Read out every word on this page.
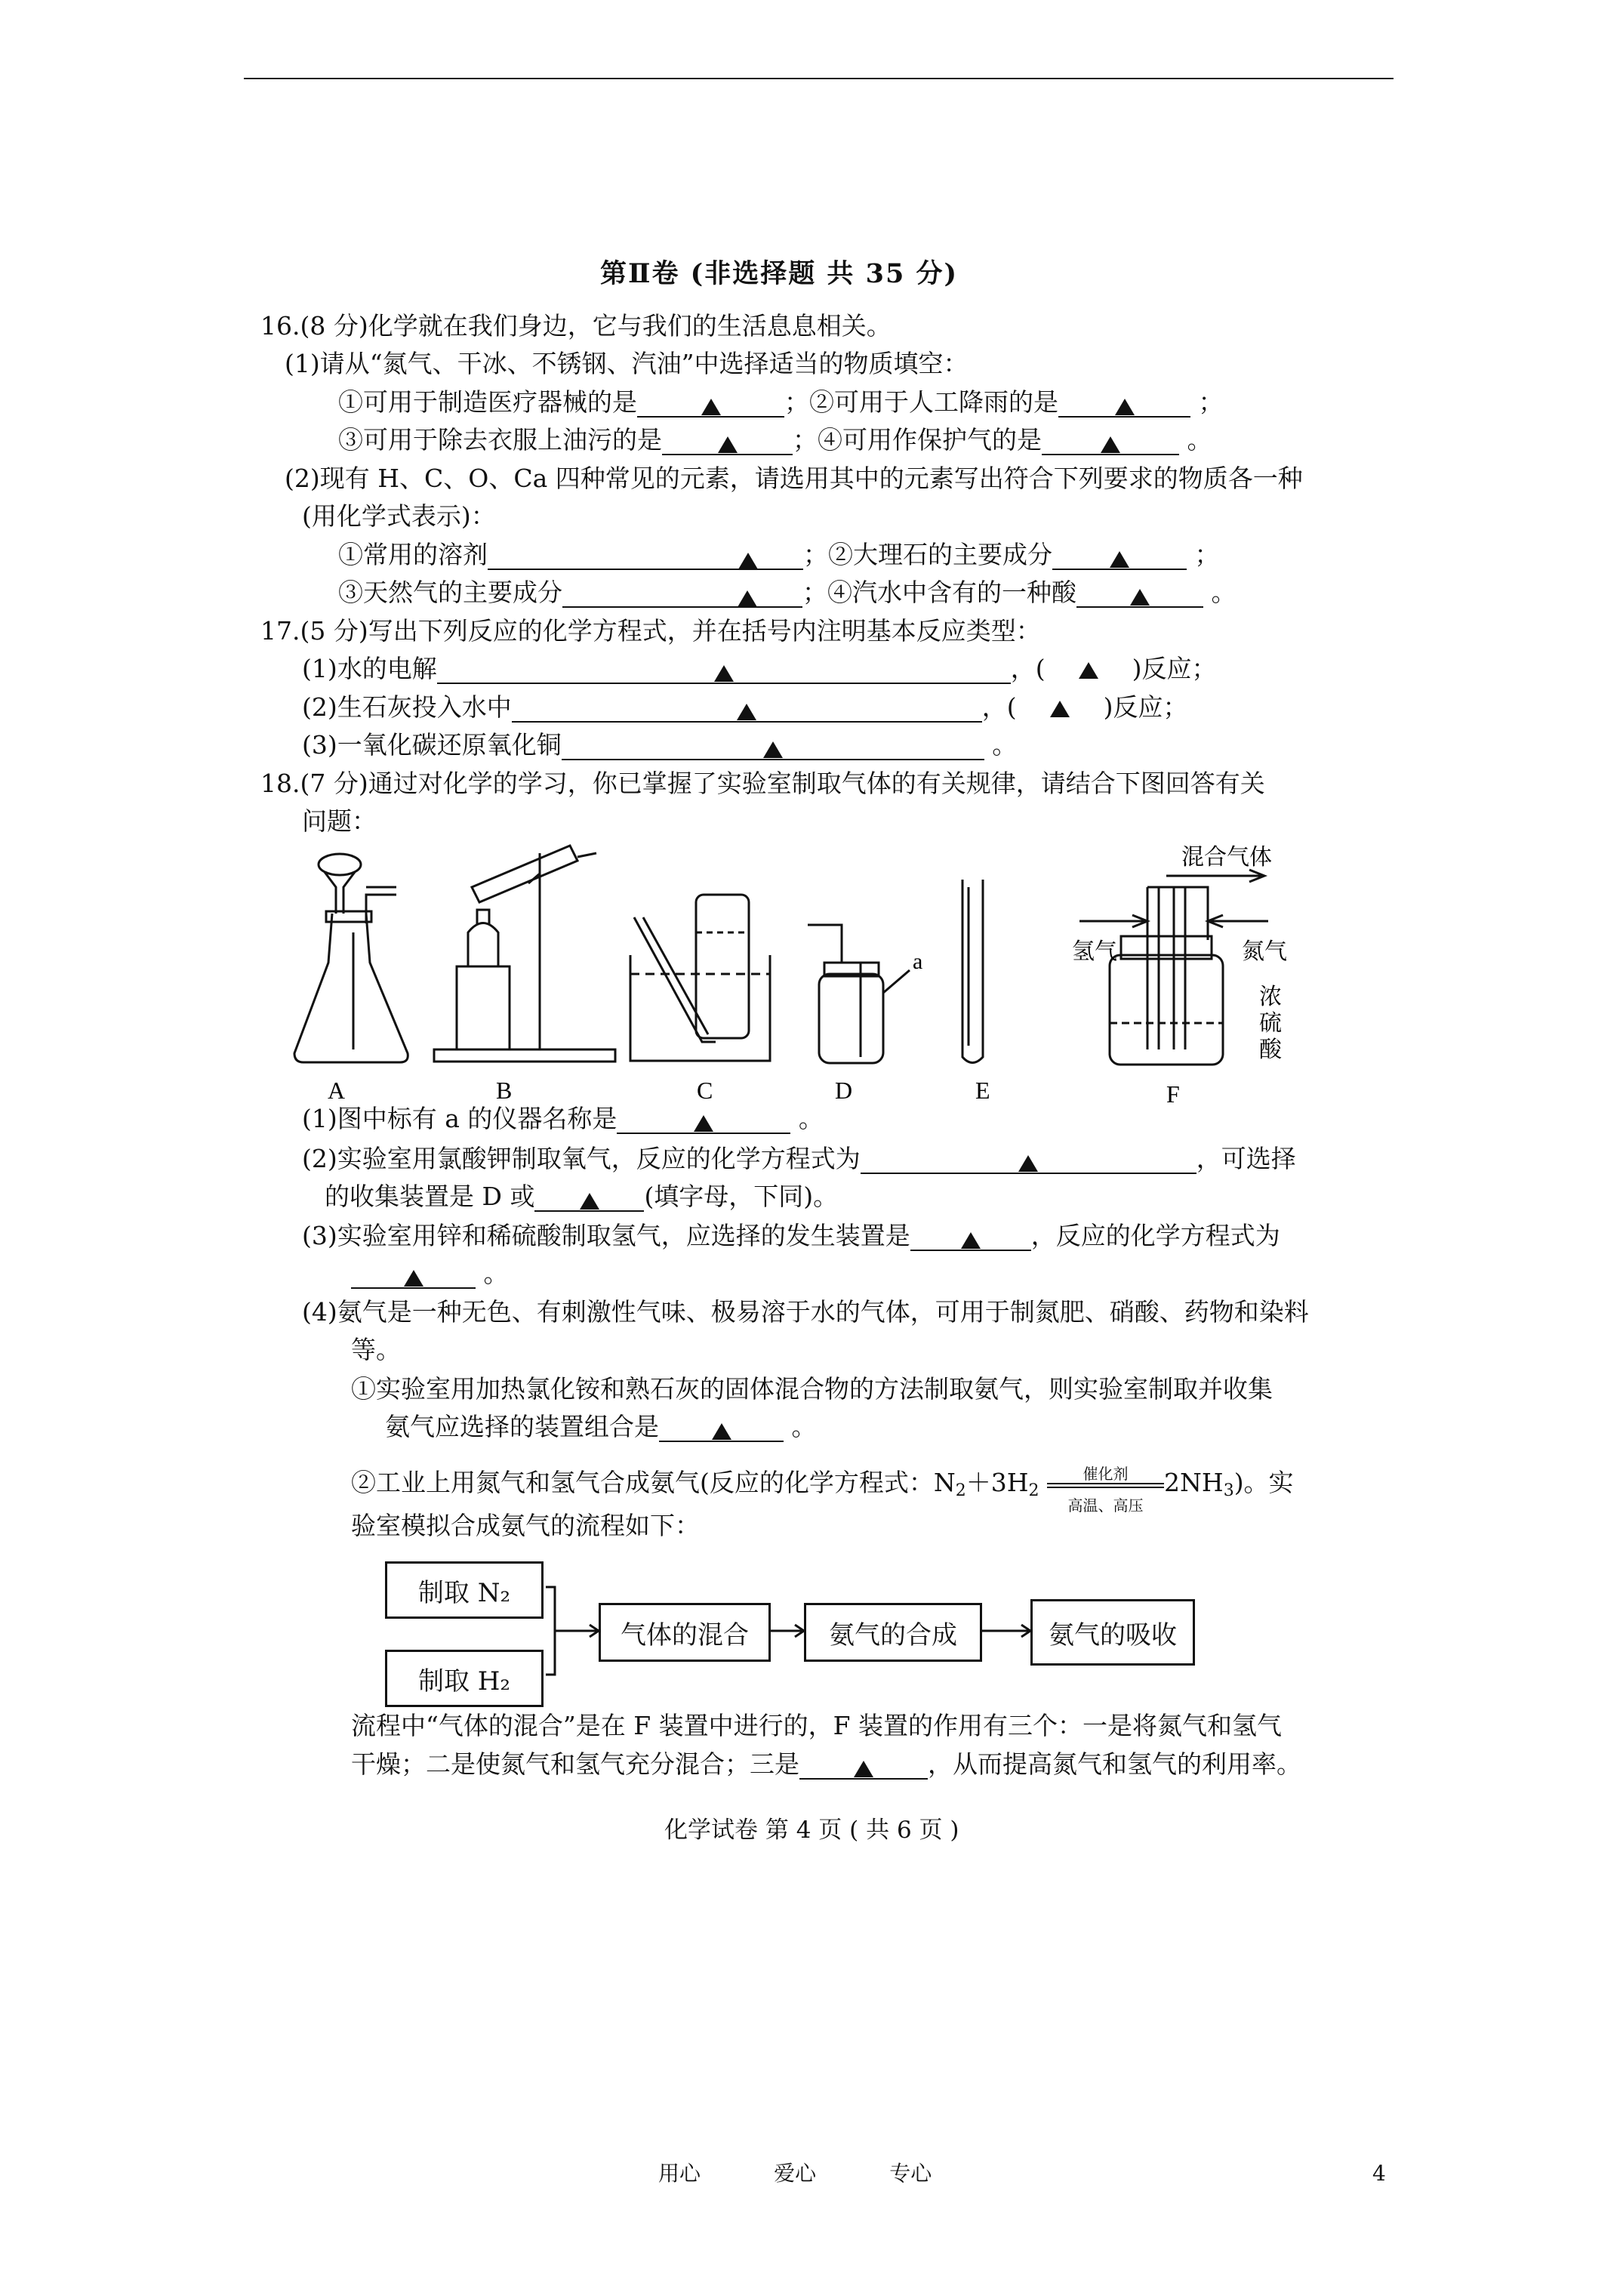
第Ⅱ卷 (非选择题 共 35 分)
16.(8 分)化学就在我们身边，它与我们的生活息息相关。
(1)请从“氮气、干冰、不锈钢、汽油”中选择适当的物质填空：
①可用于制造医疗器械的是	；②可用于人工降雨的是	；
③可用于除去衣服上油污的是	；④可用作保护气的是	。
(2)现有 H、C、O、Ca 四种常见的元素，请选用其中的元素写出符合下列要求的物质各一种
(用化学式表示)：
①常用的溶剂	；②大理石的主要成分	；
③天然气的主要成分	；④汽水中含有的一种酸	。
17.(5 分)写出下列反应的化学方程式，并在括号内注明基本反应类型：
(1)水的电解	，(	)反应；
(2)生石灰投入水中	，(	)反应；
(3)一氧化碳还原氧化铜	。
18.(7 分)通过对化学的学习，你已掌握了实验室制取气体的有关规律，请结合下图回答有关
问题：
a
混合气体
氢气	氮气
浓
硫
酸
A	B	C	D	E	F
(1)图中标有 a 的仪器名称是	。
(2)实验室用氯酸钾制取氧气，反应的化学方程式为	，可选择
的收集装置是 D 或	(填字母，下同)。
(3)实验室用锌和稀硫酸制取氢气，应选择的发生装置是	，反应的化学方程式为
。
(4)氨气是一种无色、有刺激性气味、极易溶于水的气体，可用于制氮肥、硝酸、药物和染料
等。
①实验室用加热氯化铵和熟石灰的固体混合物的方法制取氨气，则实验室制取并收集
氨气应选择的装置组合是	。
②工业上用氮气和氢气合成氨气(反应的化学方程式：$N_2+3H_2$
催化剂
高温、高压
$2NH_3$)。实
验室模拟合成氨气的流程如下：
制取 N₂
制取 H₂
气体的混合	氨气的合成	氨气的吸收
流程中“气体的混合”是在 F 装置中进行的，F 装置的作用有三个：一是将氮气和氢气
干燥；二是使氮气和氢气充分混合；三是	，从而提高氮气和氢气的利用率。
化学试卷 第 4 页 ( 共 6 页 )
用心	爱心	专心	4
